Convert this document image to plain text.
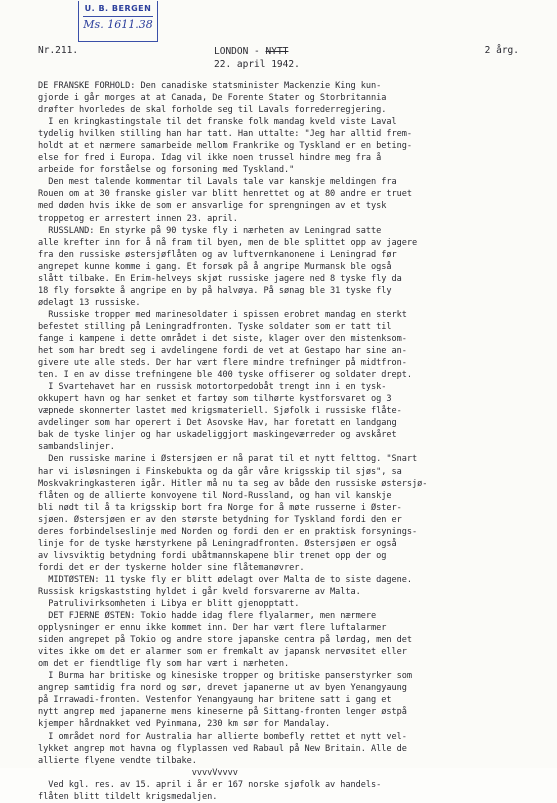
U. B. BERGEN
Ms. 1611.38
Nr.211.	LONDON - NYTT
22. april 1942.
2 årg.
DE FRANSKE FORHOLD: Den canadiske statsminister Mackenzie King kun-
gjorde i går morges at at Canada, De Forente Stater og Storbritannia
drøfter hvorledes de skal forholde seg til Lavals forrederregjering.
I en kringkastingstale til det franske folk mandag kveld viste Laval
tydelig hvilken stilling han har tatt. Han uttalte: "Jeg har alltid frem-
holdt at et nærmere samarbeide mellom Frankrike og Tyskland er en beting-
else for fred i Europa. Idag vil ikke noen trussel hindre meg fra å
arbeide for forståelse og forsoning med Tyskland."
Den mest talende kommentar til Lavals tale var kanskje meldingen fra
Rouen om at 30 franske gisler var blitt henrettet og at 80 andre er truet
med døden hvis ikke de som er ansvarlige for sprengningen av et tysk
troppetog er arrestert innen 23. april.
RUSSLAND: En styrke på 90 tyske fly i nærheten av Leningrad satte
alle krefter inn for å nå fram til byen, men de ble splittet opp av jagere
fra den russiske østersjøflåten og av luftvernkanonene i Leningrad før
angrepet kunne komme i gang. Et forsøk på å angripe Murmansk ble også
slått tilbake. En Erim-helveys skjøt russiske jagere ned 8 tyske fly da
18 fly forsøkte å angripe en by på halvøya. På sønag ble 31 tyske fly
ødelagt 13 russiske.
Russiske tropper med marinesoldater i spissen erobret mandag en sterkt
befestet stilling på Leningradfronten. Tyske soldater som er tatt til
fange i kampene i dette området i det siste, klager over den mistenksom-
het som har bredt seg i avdelingene fordi de vet at Gestapo har sine an-
givere ute alle steds. Der har vært flere mindre trefninger på midtfron-
ten. I en av disse trefningene ble 400 tyske offiserer og soldater drept.
I Svartehavet har en russisk motortorpedobåt trengt inn i en tysk-
okkupert havn og har senket et fartøy som tilhørte kystforsvaret og 3
væpnede skonnerter lastet med krigsmateriell. Sjøfolk i russiske flåte-
avdelinger som har operert i Det Asovske Hav, har foretatt en landgang
bak de tyske linjer og har uskadeliggjort maskingeværreder og avskåret
sambandslinjer.
Den russiske marine i Østersjøen er nå parat til et nytt felttog. "Snart
har vi isløsningen i Finskebukta og da går våre krigsskip til sjøs", sa
Moskvakringkasteren igår. Hitler må nu ta seg av både den russiske østersjø-
flåten og de allierte konvoyene til Nord-Russland, og han vil kanskje
bli nødt til å ta krigsskip bort fra Norge for å møte russerne i Øster-
sjøen. Østersjøen er av den største betydning for Tyskland fordi den er
deres forbindelseslinje med Norden og fordi den er en praktisk forsynings-
linje for de tyske hærstyrkene på Leningradfronten. Østersjøen er også
av livsviktig betydning fordi ubåtmannskapene blir trenet opp der og
fordi det er der tyskerne holder sine flåtemanøvrer.
MIDTØSTEN: 11 tyske fly er blitt ødelagt over Malta de to siste dagene.
Russisk krigskaststing hyldet i går kveld forsvarerne av Malta.
Patrulivirksomheten i Libya er blitt gjenopptatt.
DET FJERNE ØSTEN: Tokio hadde idag flere flyalarmer, men nærmere
opplysninger er ennu ikke kommet inn. Der har vært flere luftalarmer
siden angrepet på Tokio og andre store japanske centra på lørdag, men det
vites ikke om det er alarmer som er fremkalt av japansk nervøsitet eller
om det er fiendtlige fly som har vært i nærheten.
I Burma har britiske og kinesiske tropper og britiske panserstyrker som
angrep samtidig fra nord og sør, drevet japanerne ut av byen Yenangyaung
på Irrawadi-fronten. Vestenfor Yenangyaung har britene satt i gang et
nytt angrep med japanerne mens kineserne på Sittang-fronten lenger østpå
kjemper hårdnakket ved Pyinmana, 230 km sør for Mandalay.
I området nord for Australia har allierte bombefly rettet et nytt vel-
lykket angrep mot havna og flyplassen ved Rabaul på New Britain. Alle de
allierte flyene vendte tilbake.
vvvvVvvvv
Ved kgl. res. av 15. april i år er 167 norske sjøfolk av handels-
flåten blitt tildelt krigsmedaljen.
